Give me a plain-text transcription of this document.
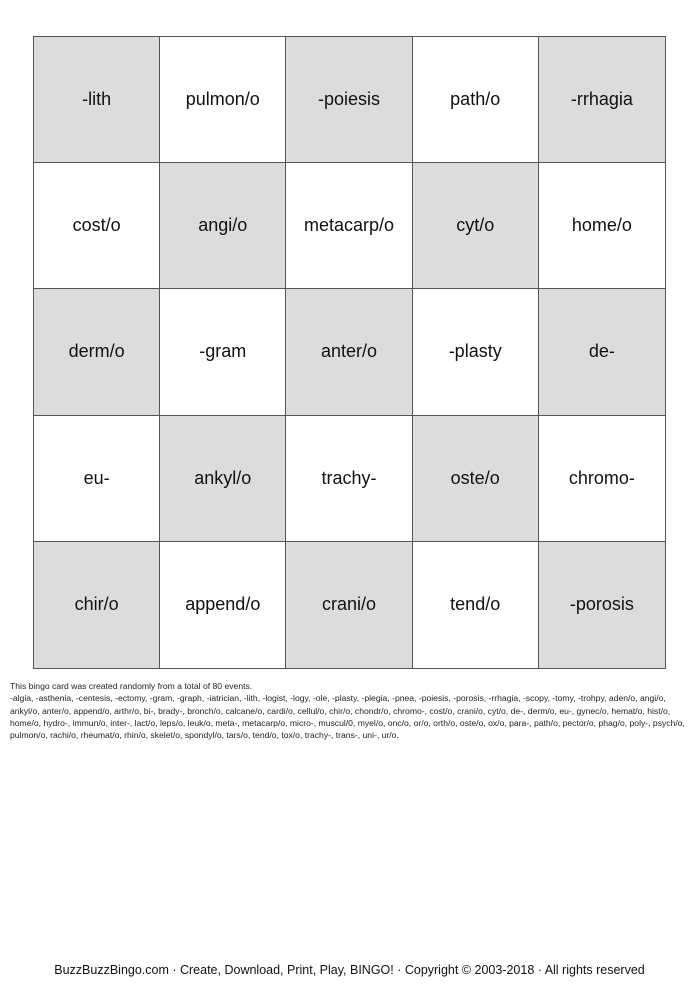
-lith	pulmon/o	-poiesis	path/o	-rrhagia
cost/o	angi/o	metacarp/o	cyt/o	home/o
derm/o	-gram	anter/o	-plasty	de-
eu-	ankyl/o	trachy-	oste/o	chromo-
chir/o	append/o	crani/o	tend/o	-porosis

This bingo card was created randomly from a total of 80 events.

-algia, -asthenia, -centesis, -ectomy, -gram, -graph, -iatrician, -lith, -logist, -logy, -ole, -plasty, -plegia, -pnea, -poiesis, -porosis, -rrhagia, -scopy, -tomy, -trohpy, aden/o, angi/o, ankyl/o, anter/o, append/o, arthr/o, bi-, brady-, bronch/o, calcane/o, cardi/o, cellul/o, chir/o, chondr/o, chromo-, cost/o, crani/o, cyt/o, de-, derm/o, eu-, gynec/o, hemat/o, hist/o, home/o, hydro-, immun/o, inter-, lact/o, leps/o, leuk/o, meta-, metacarp/o, micro-, muscul/0, myel/o, onc/o, or/o, orth/o, oste/o, ox/o, para-, path/o, pector/o, phag/o, poly-, psych/o, pulmon/o, rachi/o, rheumat/o, rhin/o, skelet/o, spondyl/o, tars/o, tend/o, tox/o, trachy-, trans-, uni-, ur/o.

BuzzBuzzBingo.com · Create, Download, Print, Play, BINGO! · Copyright © 2003-2018 · All rights reserved
